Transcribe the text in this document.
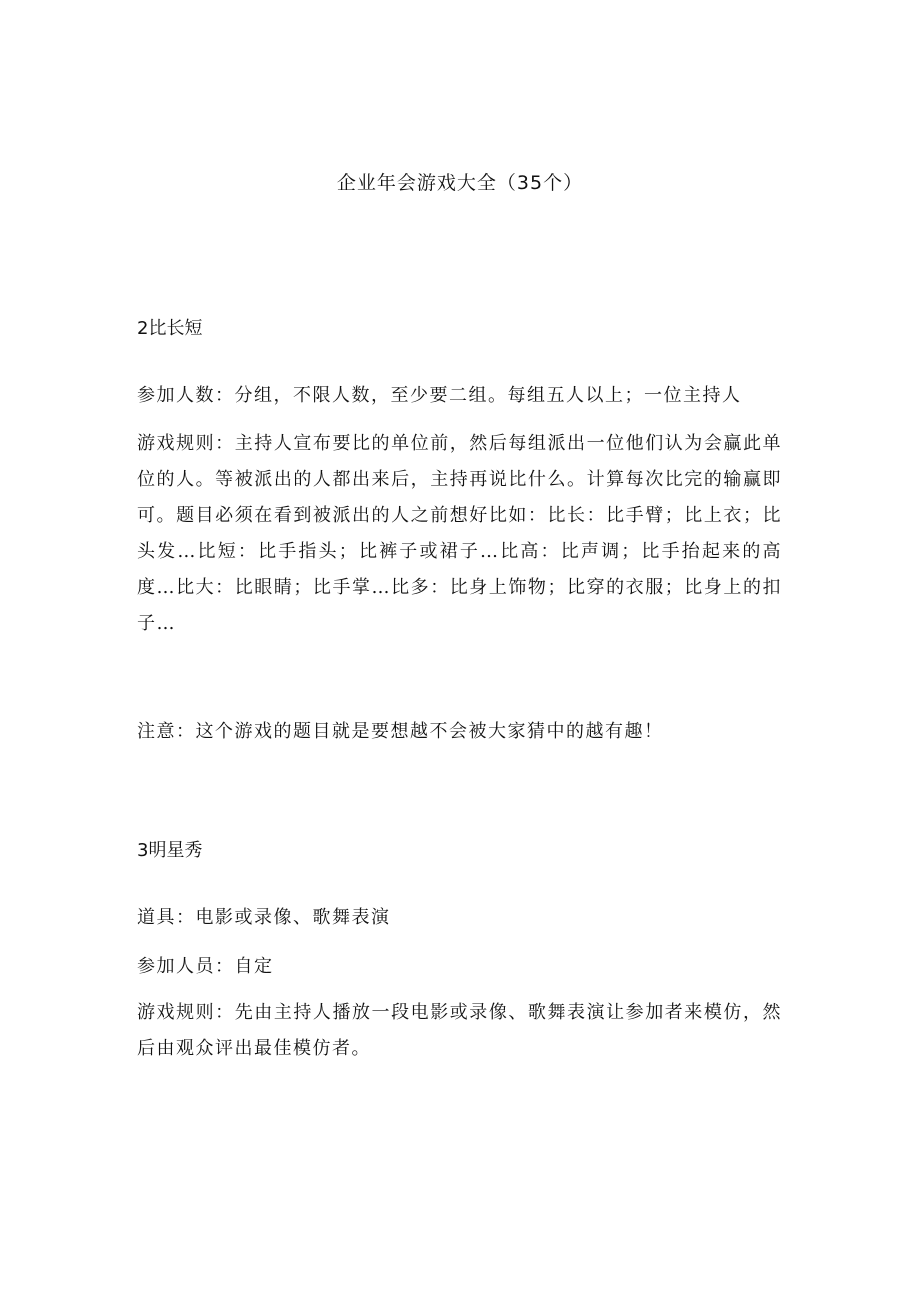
企业年会游戏大全（35个）
2比长短

参加人数：分组，不限人数，至少要二组。每组五人以上；一位主持人

游戏规则：主持人宣布要比的单位前，然后每组派出一位他们认为会赢此单位的人。等被派出的人都出来后，主持再说比什么。计算每次比完的输赢即可。题目必须在看到被派出的人之前想好比如：比长：比手臂；比上衣；比头发…比短：比手指头；比裤子或裙子…比高：比声调；比手抬起来的高度…比大：比眼睛；比手掌…比多：比身上饰物；比穿的衣服；比身上的扣子…

注意：这个游戏的题目就是要想越不会被大家猜中的越有趣！

3明星秀

道具：电影或录像、歌舞表演

参加人员：自定

游戏规则：先由主持人播放一段电影或录像、歌舞表演让参加者来模仿，然后由观众评出最佳模仿者。
